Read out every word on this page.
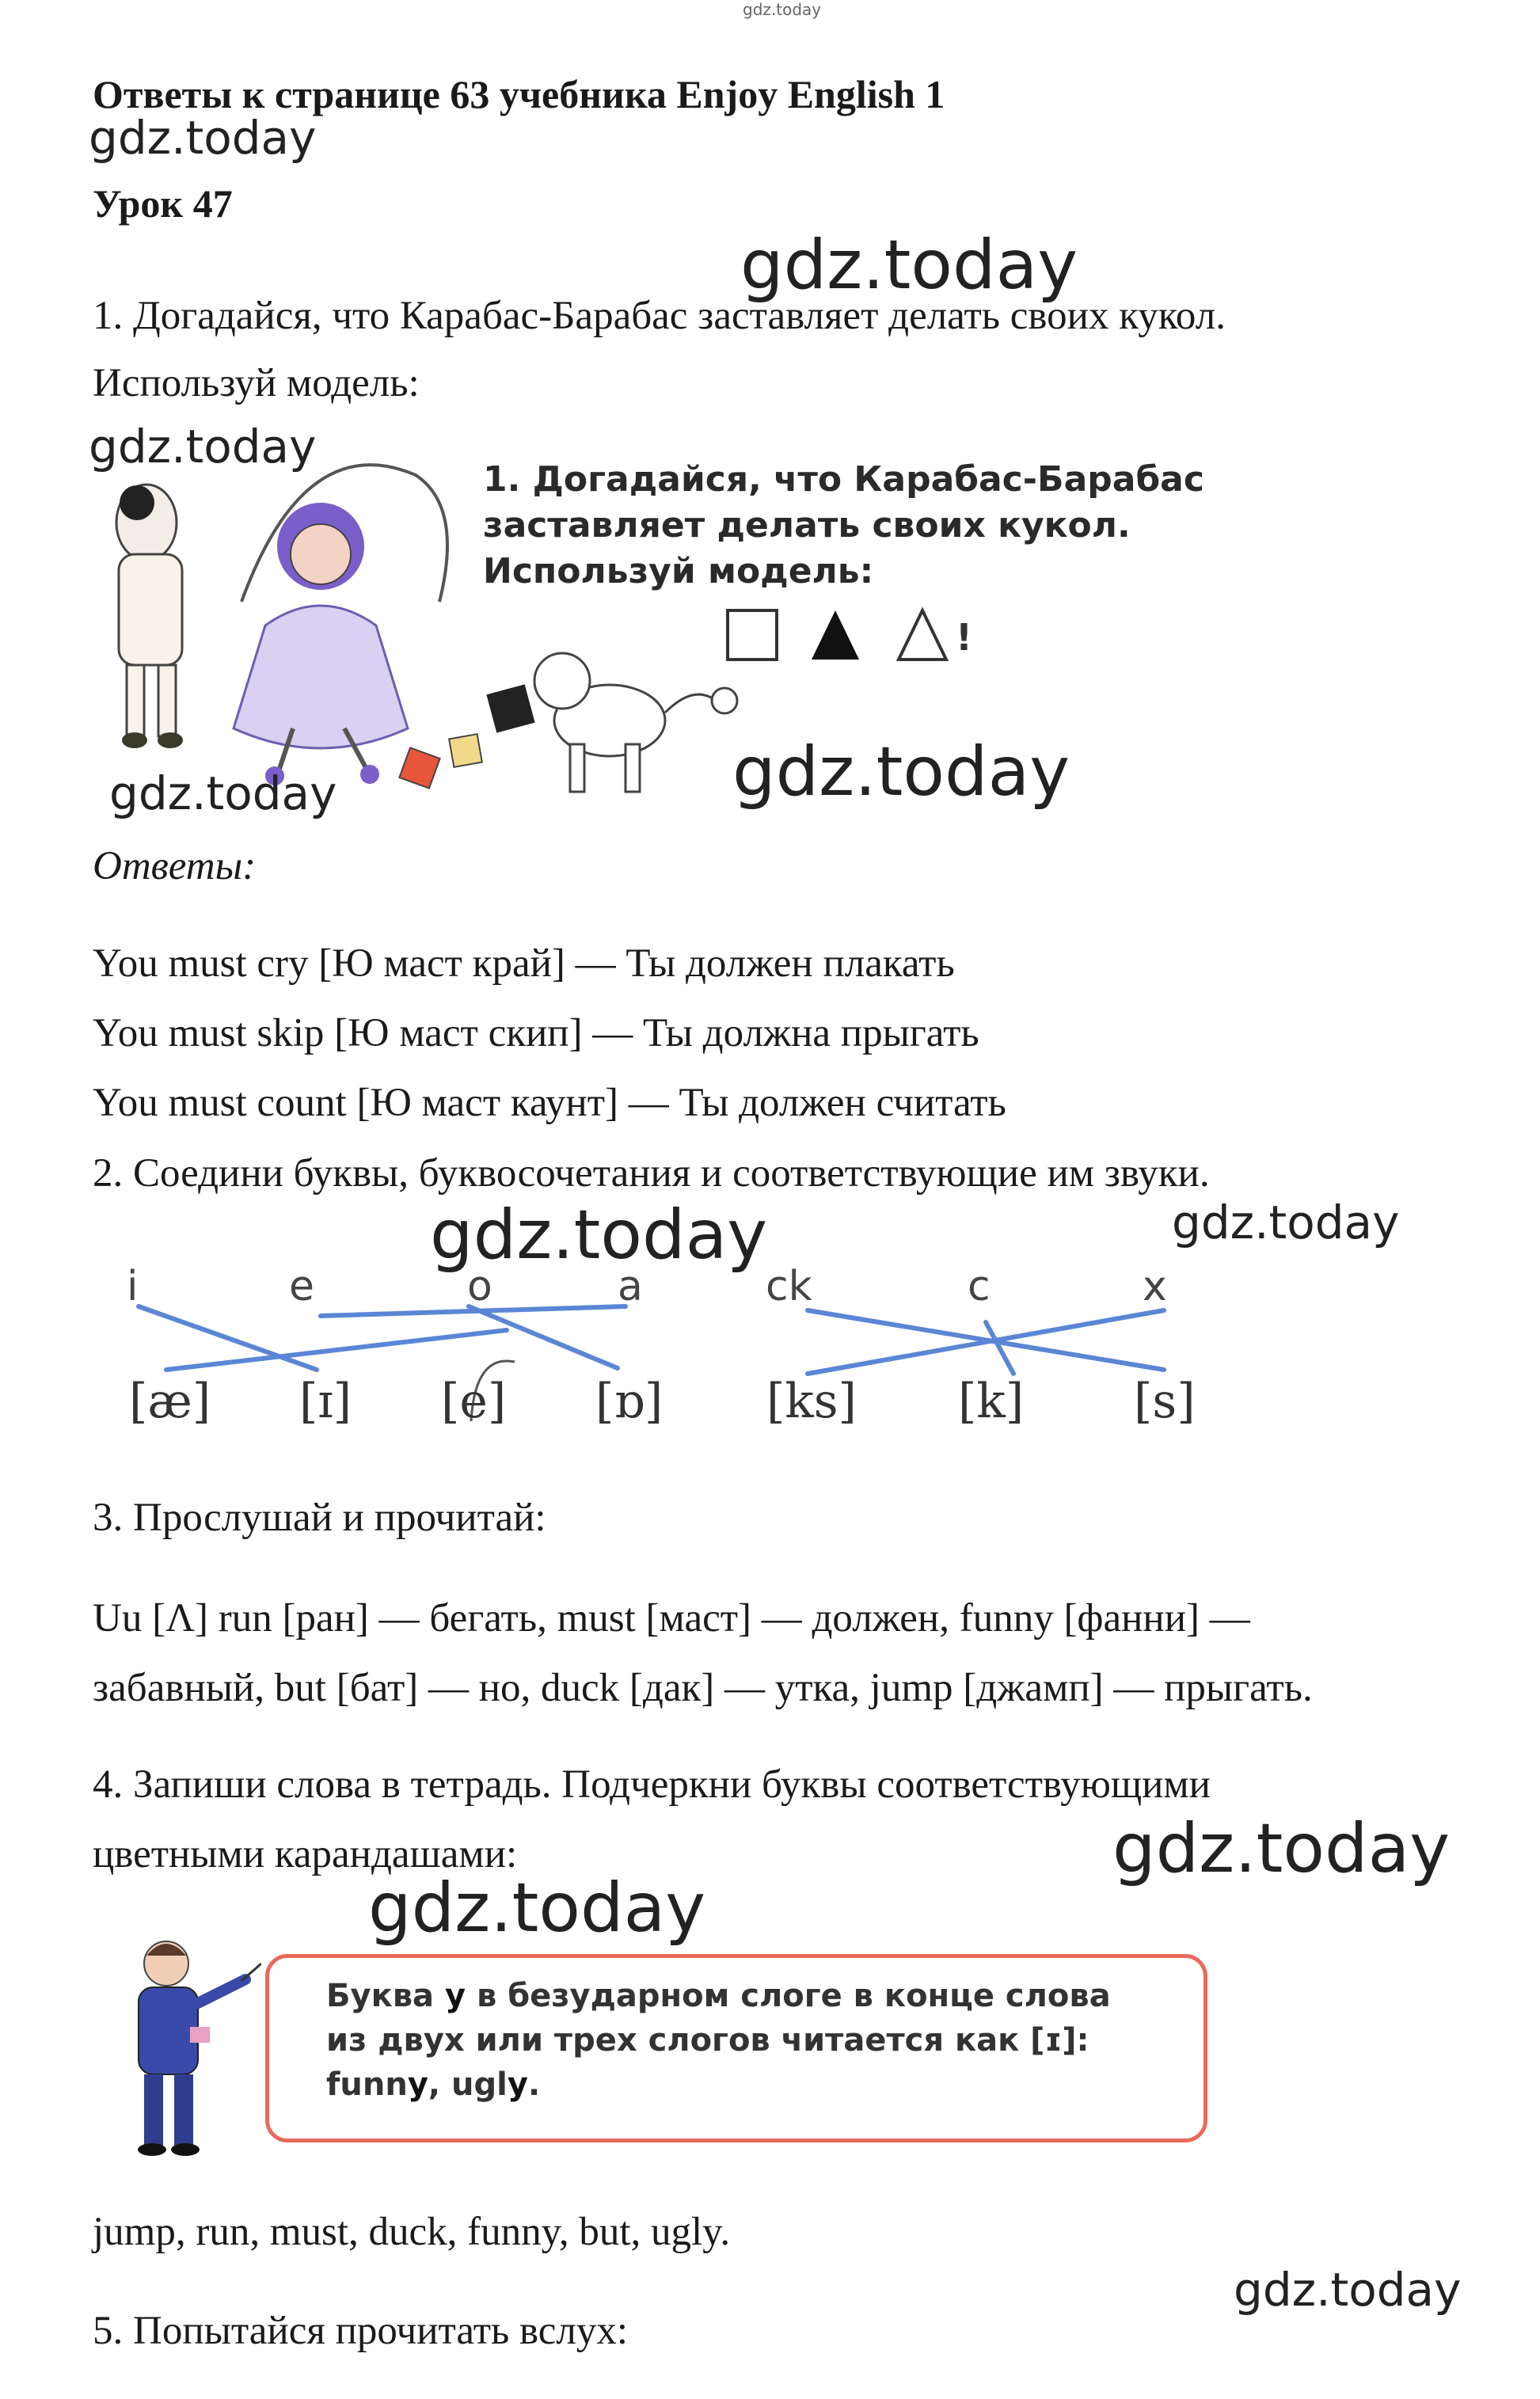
gdz.today
Ответы к странице 63 учебника Enjoy English 1
gdz.today
Урок 47
gdz.today
1. Догадайся, что Карабас-Барабас заставляет делать своих кукол.
Используй модель:
gdz.today
1. Догадайся, что Карабас-Барабас
заставляет делать своих кукол.
Используй модель:
!
gdz.today	gdz.today
Ответы:
You must cry [Ю маст край] — Ты должен плакать
You must skip [Ю маст скип] — Ты должна прыгать
You must count [Ю маст каунт] — Ты должен считать
2. Соедини буквы, буквосочетания и соответствующие им звуки.
gdz.today	gdz.today
i	e	o	a	ck	c	x
[æ] [ɪ] [e] [ɒ] [ks] [k] [s]
3. Прослушай и прочитай:
Uu [Λ] run [ран] — бегать, must [маст] — должен, funny [фанни] —
забавный, but [бат] — но, duck [дак] — утка, jump [джамп] — прыгать.
4. Запиши слова в тетрадь. Подчеркни буквы соответствующими
цветными карандашами:	gdz.today
gdz.today
Буква y в безударном слоге в конце слова
из двух или трех слогов читается как [ɪ]:
funny, ugly.
jump, run, must, duck, funny, but, ugly.
gdz.today
5. Попытайся прочитать вслух:
